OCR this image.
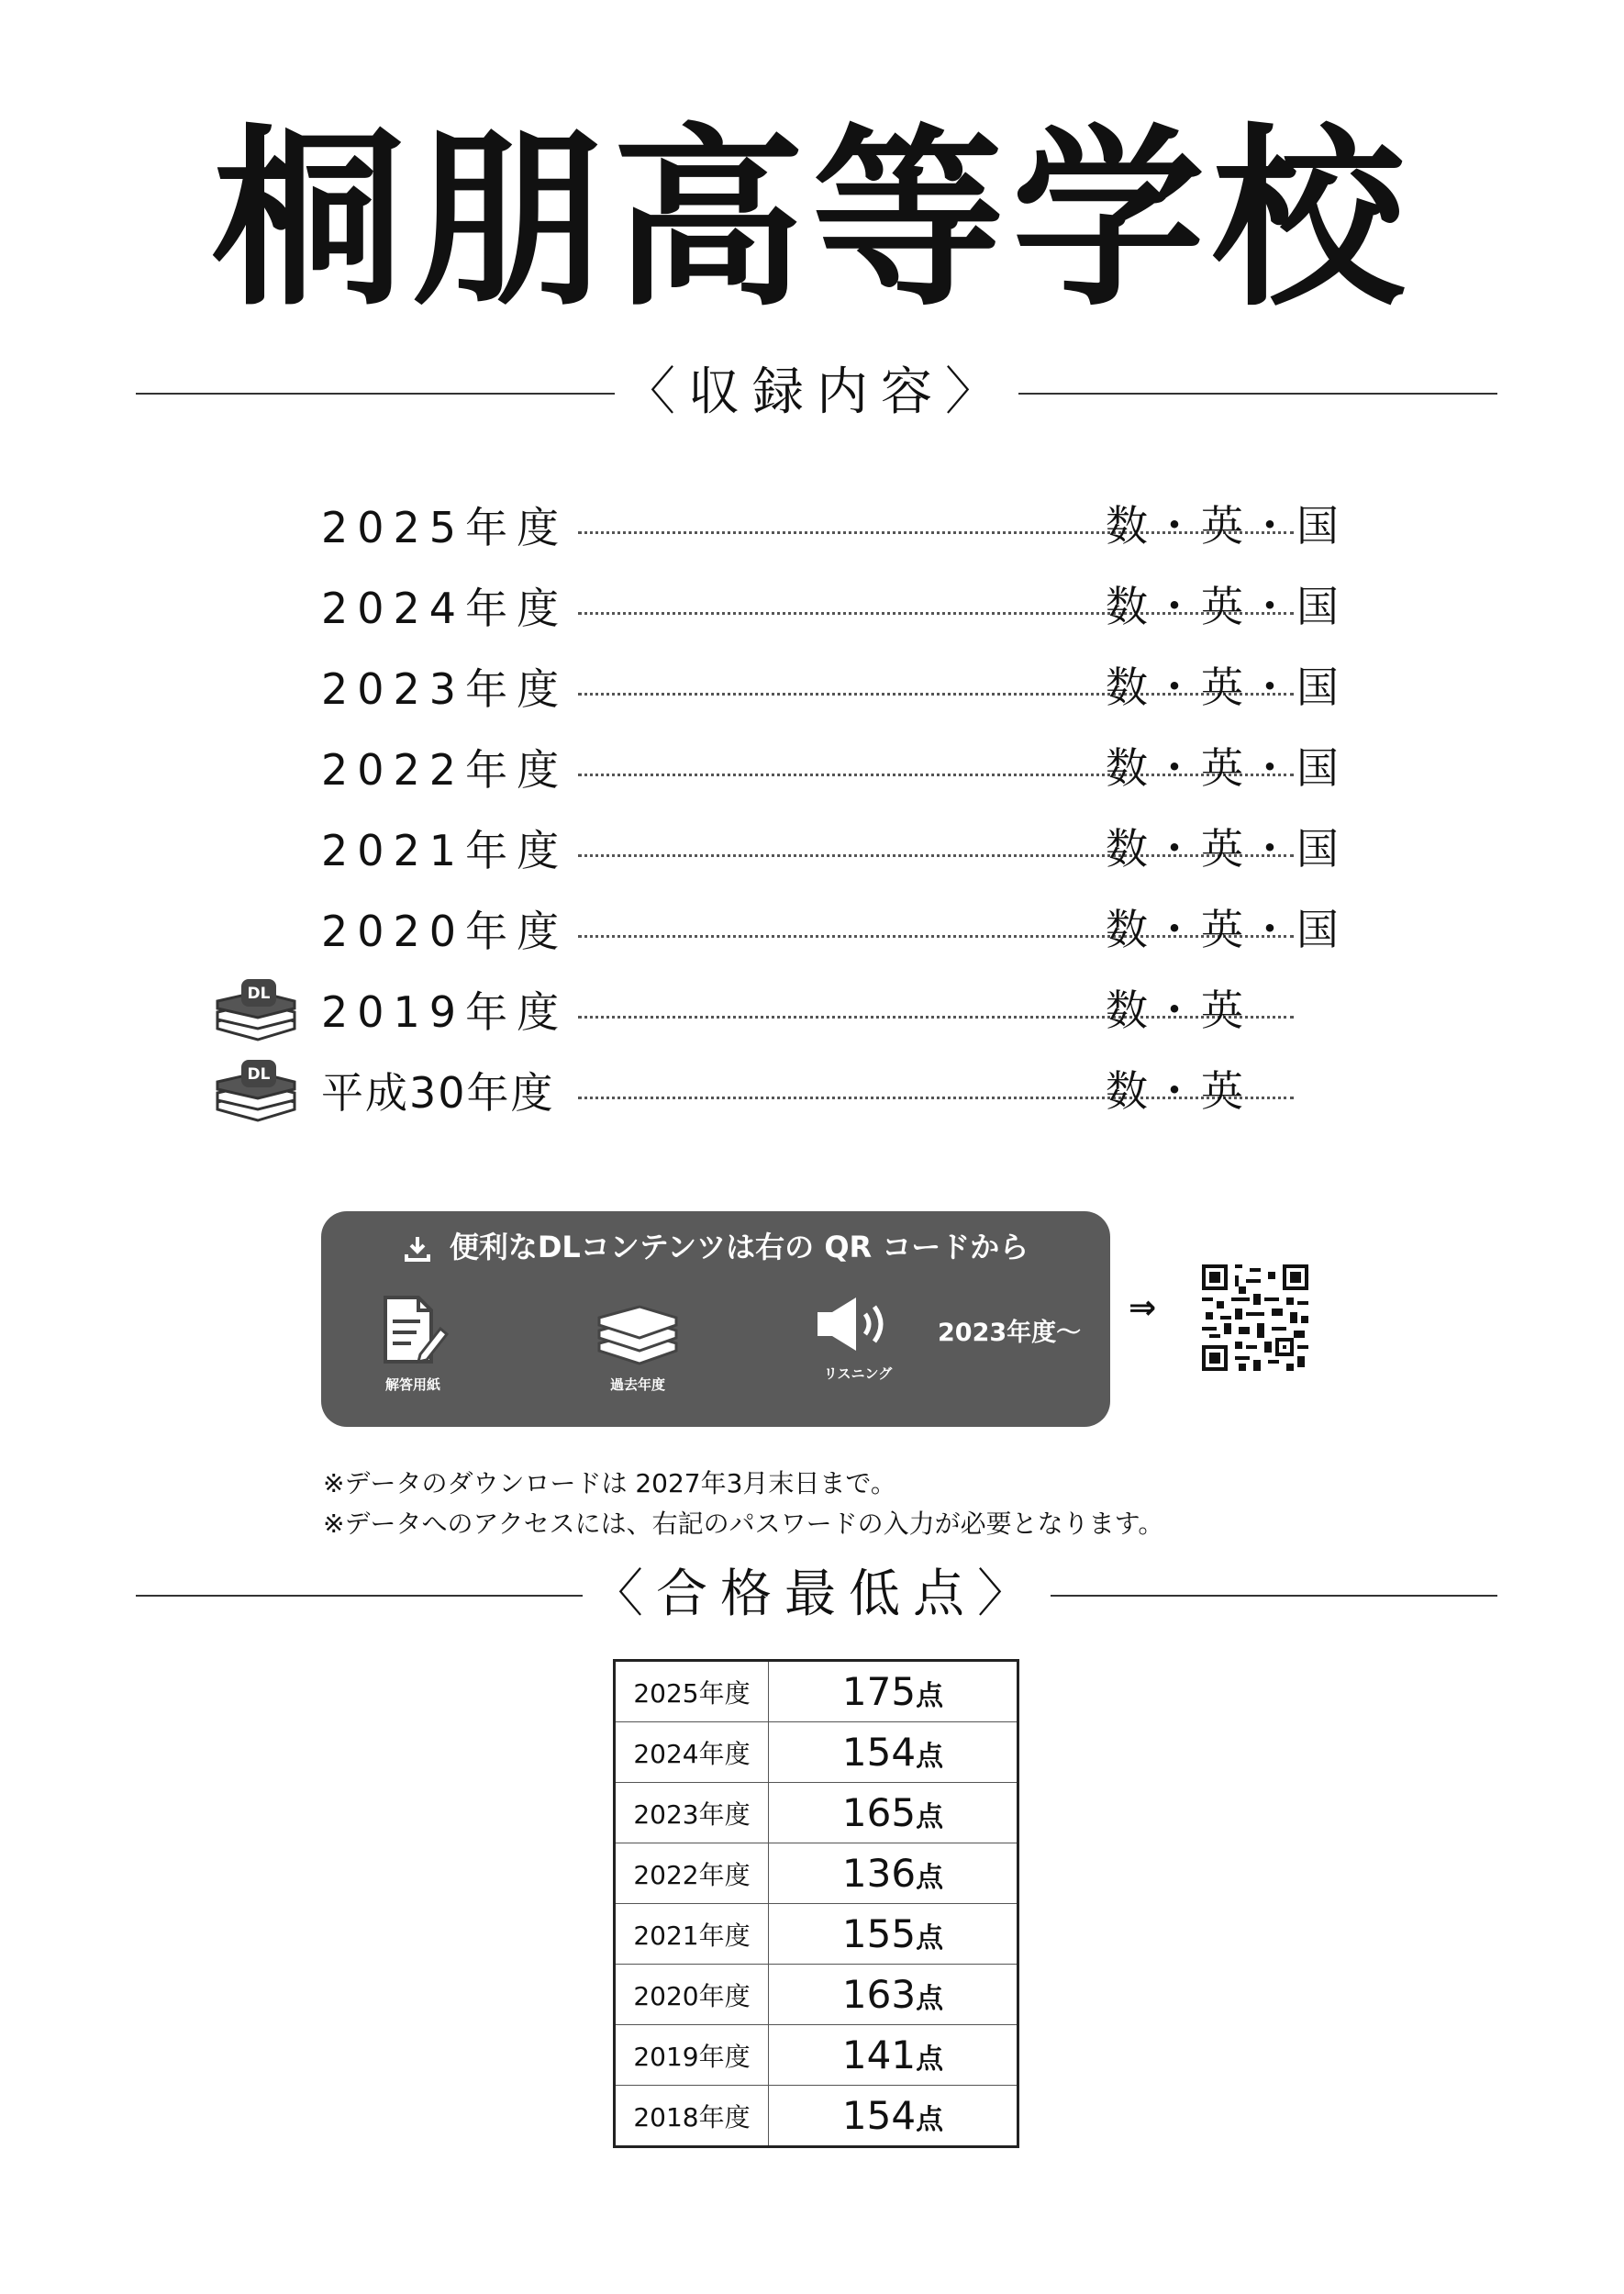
桐朋高等学校
〈収録内容〉
2025年度	数・英・国
2024年度	数・英・国
2023年度	数・英・国
2022年度	数・英・国
2021年度	数・英・国
2020年度	数・英・国
DL 2019年度	数・英
DL 平成30年度	数・英
便利なDLコンテンツは右の QR コードから
解答用紙	過去年度
リスニング
2023年度〜
⇒
※データのダウンロードは 2027年3月末日まで。
※データへのアクセスには、右記のパスワードの入力が必要となります。
〈合格最低点〉
2025年度	175点
2024年度	154点
2023年度	165点
2022年度	136点
2021年度	155点
2020年度	163点
2019年度	141点
2018年度	154点
